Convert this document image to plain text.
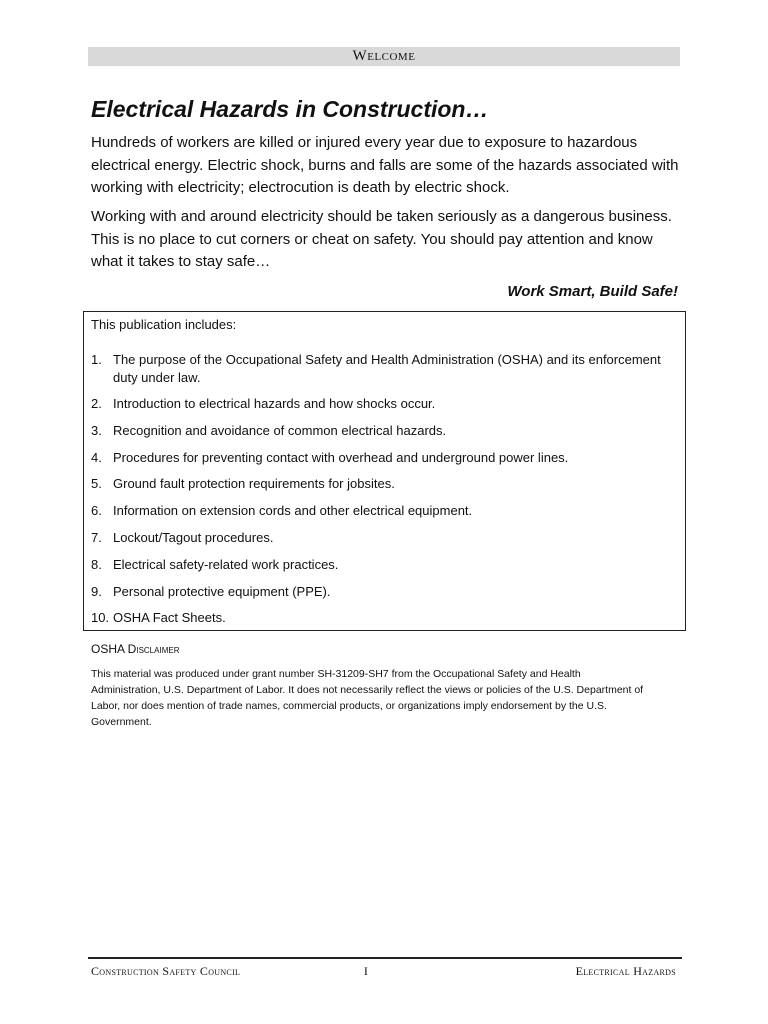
Welcome
Electrical Hazards in Construction…

Hundreds of workers are killed or injured every year due to exposure to hazardous electrical energy. Electric shock, burns and falls are some of the hazards associated with working with electricity; electrocution is death by electric shock.

Working with and around electricity should be taken seriously as a dangerous business. This is no place to cut corners or cheat on safety. You should pay attention and know what it takes to stay safe…

Work Smart, Build Safe!
This publication includes:
1. The purpose of the Occupational Safety and Health Administration (OSHA) and its enforcement duty under law.
2. Introduction to electrical hazards and how shocks occur.
3. Recognition and avoidance of common electrical hazards.
4. Procedures for preventing contact with overhead and underground power lines.
5. Ground fault protection requirements for jobsites.
6. Information on extension cords and other electrical equipment.
7. Lockout/Tagout procedures.
8. Electrical safety-related work practices.
9. Personal protective equipment (PPE).
10. OSHA Fact Sheets.
OSHA Disclaimer

This material was produced under grant number SH-31209-SH7 from the Occupational Safety and Health Administration, U.S. Department of Labor. It does not necessarily reflect the views or policies of the U.S. Department of Labor, nor does mention of trade names, commercial products, or organizations imply endorsement by the U.S. Government.

Construction Safety Council	I	Electrical Hazards
